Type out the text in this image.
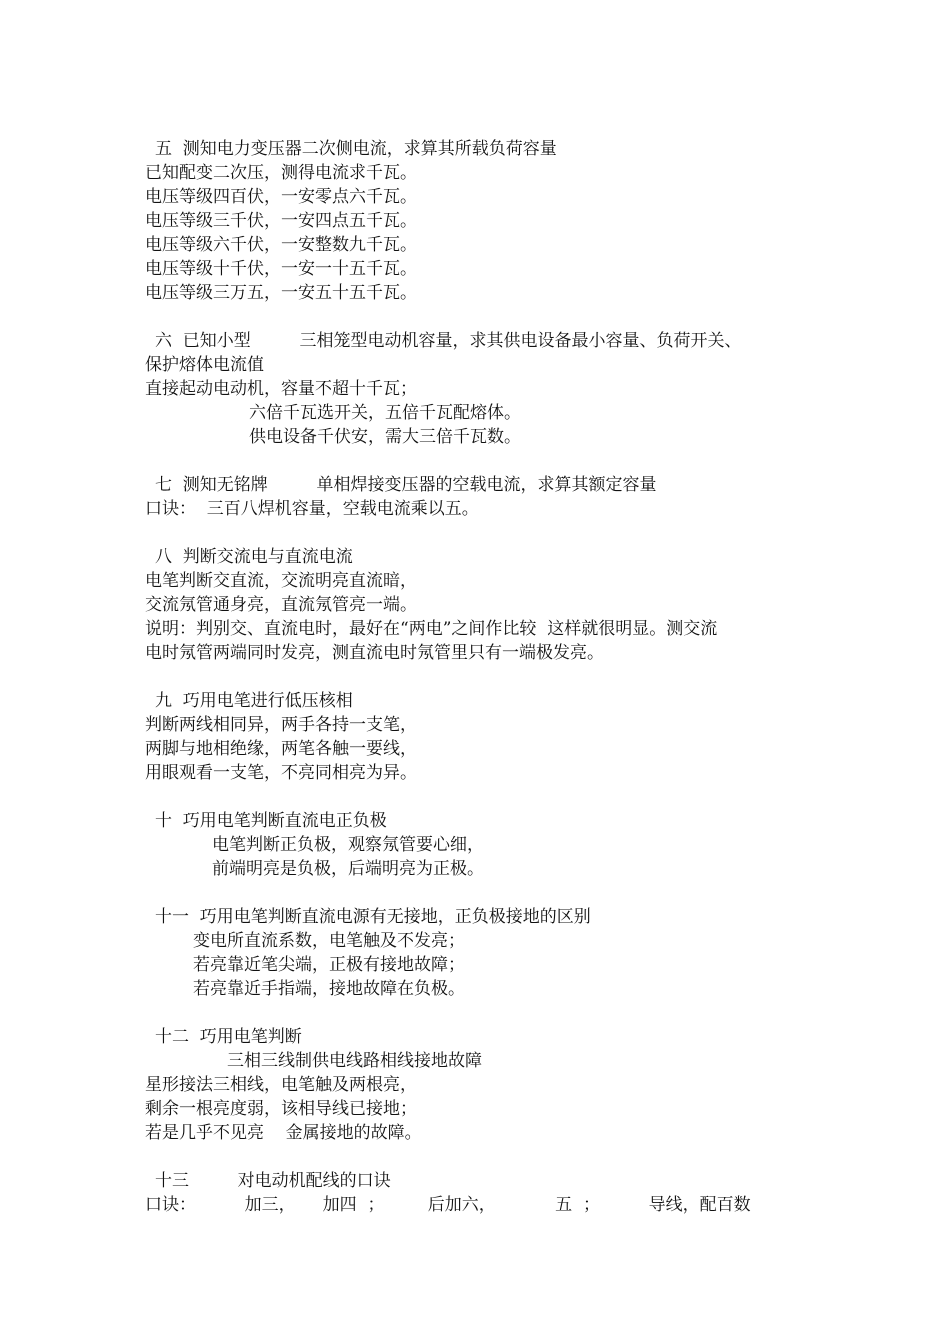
五  测知电力变压器二次侧电流，求算其所载负荷容量
已知配变二次压，测得电流求千瓦。
电压等级四百伏，一安零点六千瓦。
电压等级三千伏，一安四点五千瓦。
电压等级六千伏，一安整数九千瓦。
电压等级十千伏，一安一十五千瓦。
电压等级三万五，一安五十五千瓦。
六  已知小型         三相笼型电动机容量，求其供电设备最小容量、负荷开关、
保护熔体电流值
直接起动电动机，容量不超十千瓦；
六倍千瓦选开关，五倍千瓦配熔体。
供电设备千伏安，需大三倍千瓦数。
七  测知无铭牌         单相焊接变压器的空载电流，求算其额定容量
口诀：  三百八焊机容量，空载电流乘以五。
八  判断交流电与直流电流
电笔判断交直流，交流明亮直流暗，
交流氖管通身亮，直流氖管亮一端。
说明：判别交、直流电时，最好在“两电”之间作比较  这样就很明显。测交流
电时氖管两端同时发亮，测直流电时氖管里只有一端极发亮。
九  巧用电笔进行低压核相
判断两线相同异，两手各持一支笔，
两脚与地相绝缘，两笔各触一要线，
用眼观看一支笔，不亮同相亮为异。
十  巧用电笔判断直流电正负极
电笔判断正负极，观察氖管要心细，
前端明亮是负极，后端明亮为正极。
十一  巧用电笔判断直流电源有无接地，正负极接地的区别
变电所直流系数，电笔触及不发亮；
若亮靠近笔尖端，正极有接地故障；
若亮靠近手指端，接地故障在负极。
十二  巧用电笔判断
三相三线制供电线路相线接地故障
星形接法三相线，电笔触及两根亮，
剩余一根亮度弱，该相导线已接地；
若是几乎不见亮    金属接地的故障。
十三         对电动机配线的口诀
口诀：         加三，     加四  ；        后加六，           五  ；         导线，配百数
